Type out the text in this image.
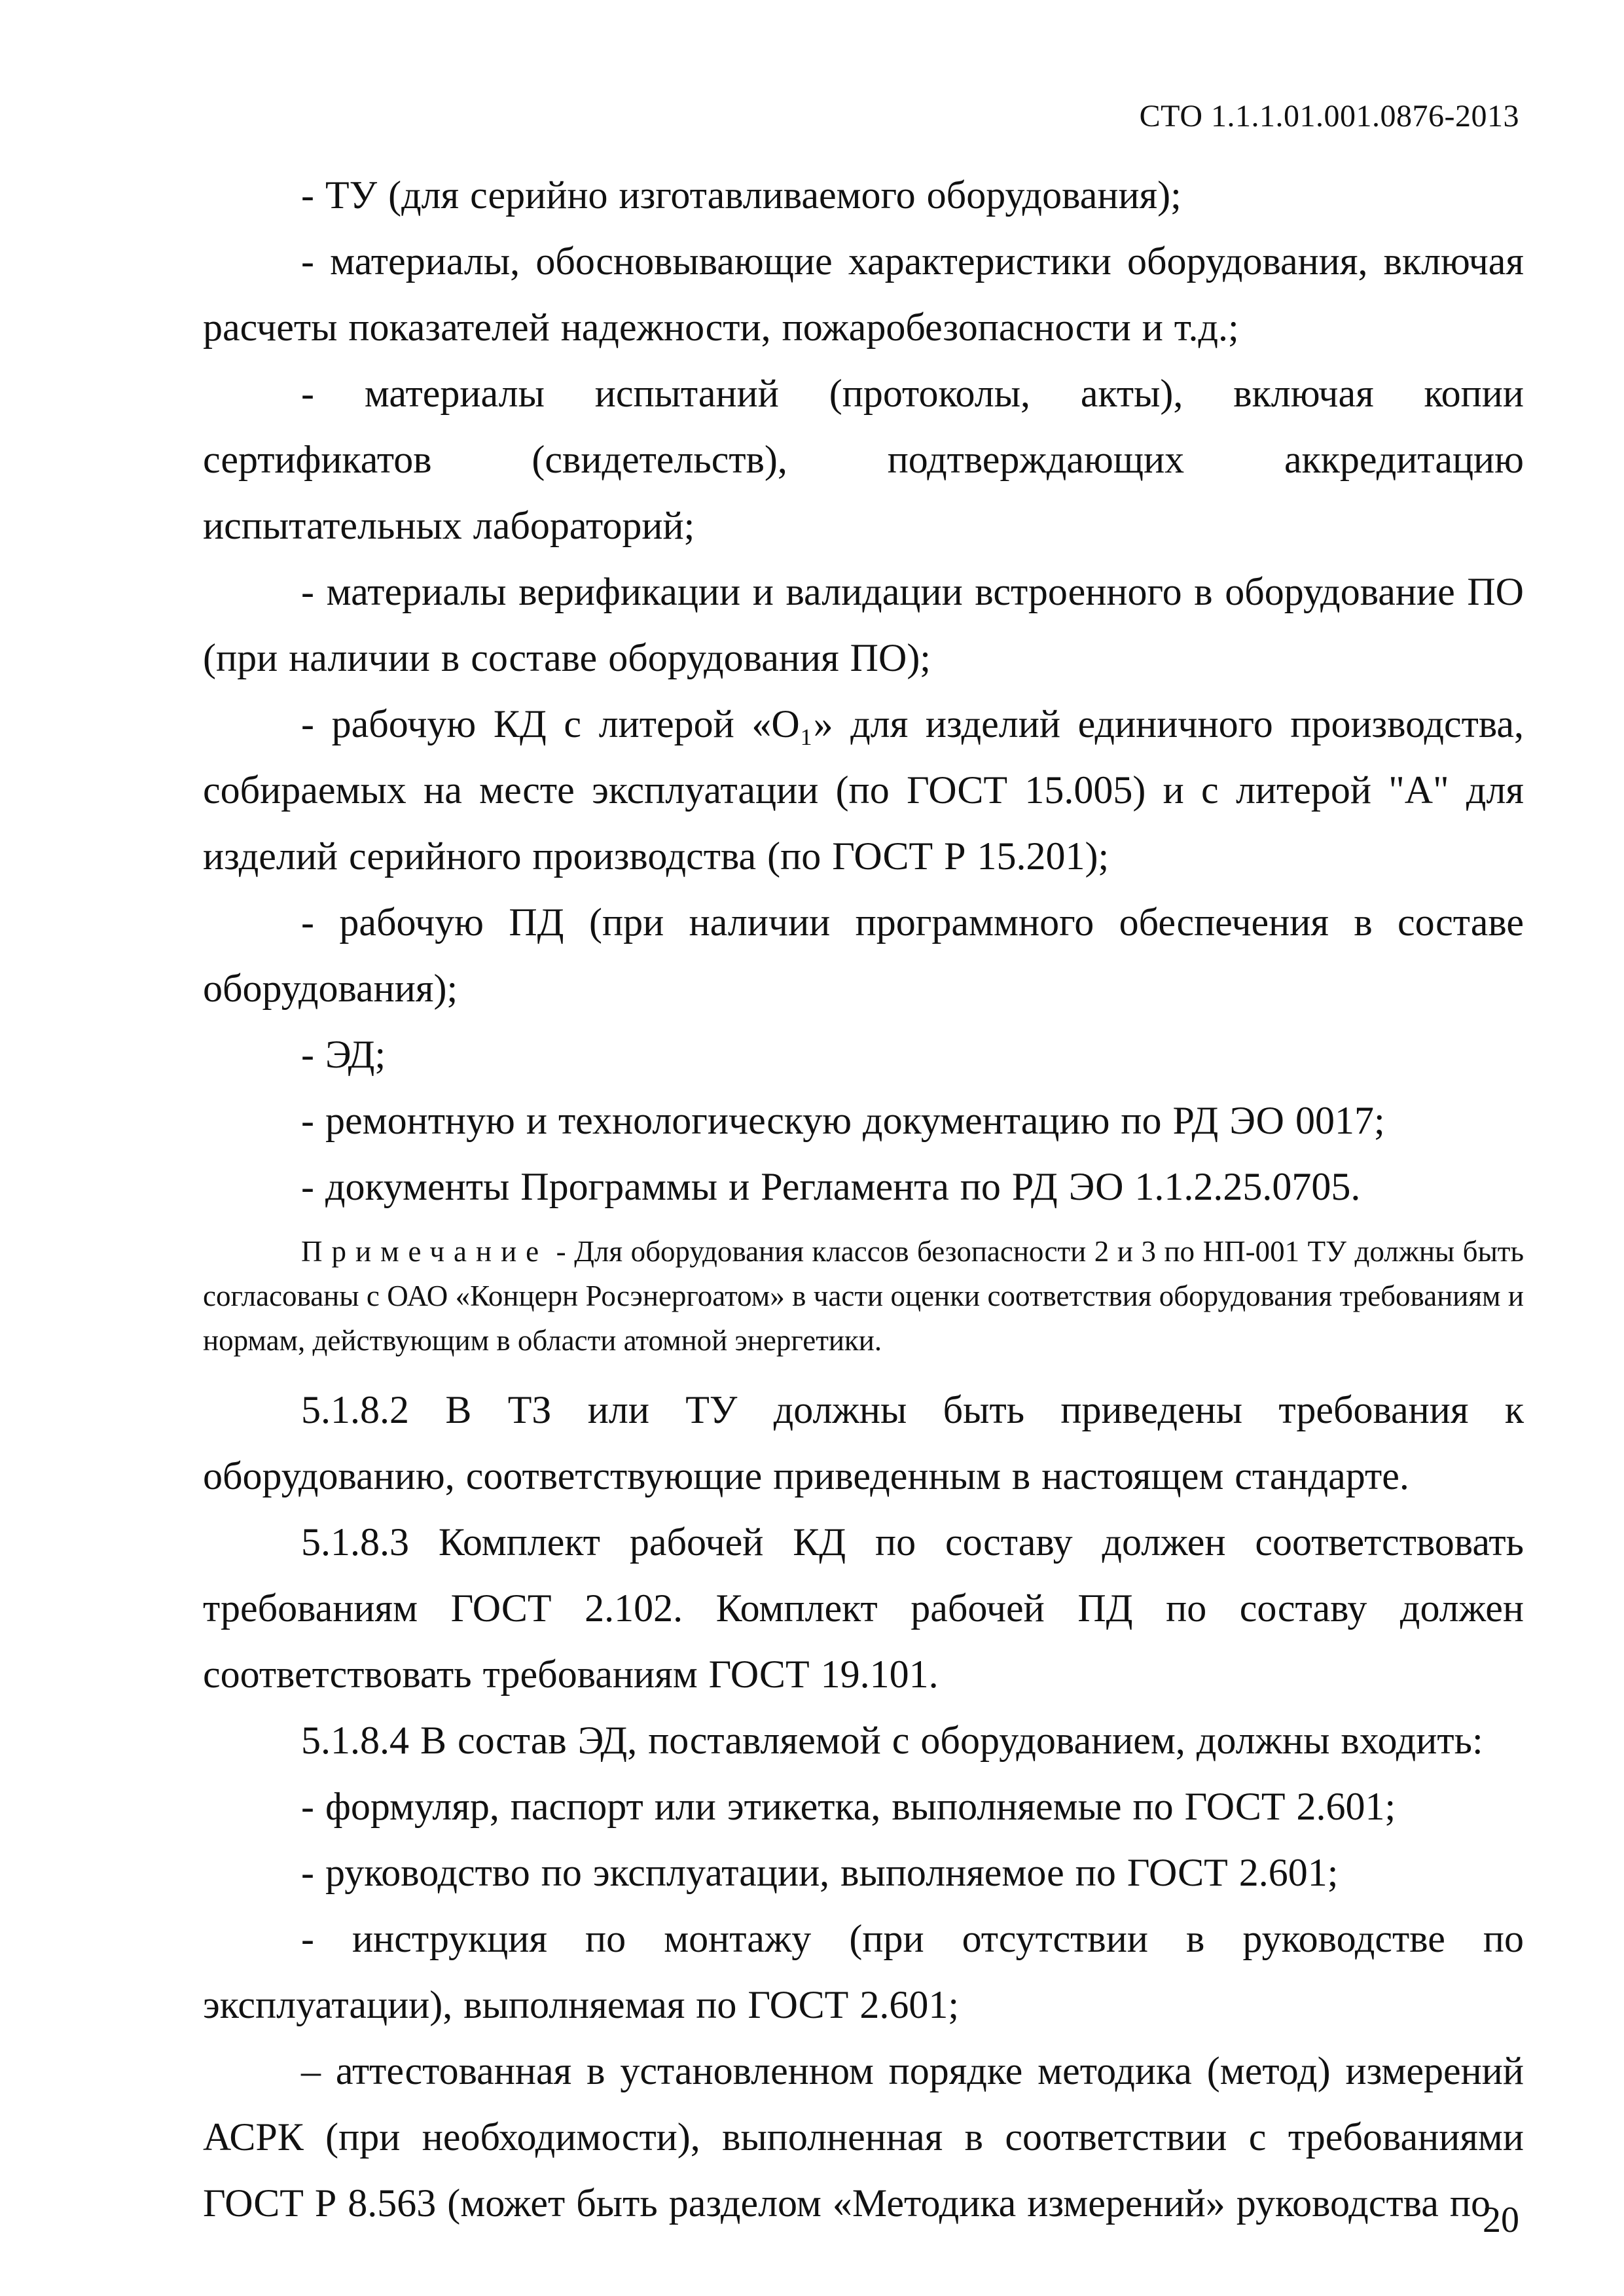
СТО 1.1.1.01.001.0876-2013

- ТУ (для серийно изготавливаемого оборудования);

- материалы, обосновывающие характеристики оборудования, включая расчеты показателей надежности, пожаробезопасности и т.д.;

- материалы испытаний (протоколы, акты), включая копии сертификатов (свидетельств), подтверждающих аккредитацию испытательных лабораторий;

- материалы верификации и валидации встроенного в оборудование ПО (при наличии в составе оборудования ПО);

- рабочую КД с литерой «О₁» для изделий единичного производства, собираемых на месте эксплуатации (по ГОСТ 15.005) и с литерой "А" для изделий серийного производства (по ГОСТ Р 15.201);

- рабочую ПД (при наличии программного обеспечения в составе оборудования);

- ЭД;

- ремонтную и технологическую документацию по РД ЭО 0017;

- документы Программы и Регламента по РД ЭО 1.1.2.25.0705.

Примечание - Для оборудования классов безопасности 2 и 3 по НП-001 ТУ должны быть согласованы с ОАО «Концерн Росэнергоатом» в части оценки соответствия оборудования требованиям и нормам, действующим в области атомной энергетики.

5.1.8.2 В ТЗ или ТУ должны быть приведены требования к оборудованию, соответствующие приведенным в настоящем стандарте.

5.1.8.3 Комплект рабочей КД по составу должен соответствовать требованиям ГОСТ 2.102. Комплект рабочей ПД по составу должен соответствовать требованиям ГОСТ 19.101.

5.1.8.4 В состав ЭД, поставляемой с оборудованием, должны входить:

- формуляр, паспорт или этикетка, выполняемые по ГОСТ 2.601;

- руководство по эксплуатации, выполняемое по ГОСТ 2.601;

- инструкция по монтажу (при отсутствии в руководстве по эксплуатации), выполняемая по ГОСТ 2.601;

– аттестованная в установленном порядке методика (метод) измерений АСРК (при необходимости), выполненная в соответствии с требованиями ГОСТ Р 8.563 (может быть разделом «Методика измерений» руководства по

20
